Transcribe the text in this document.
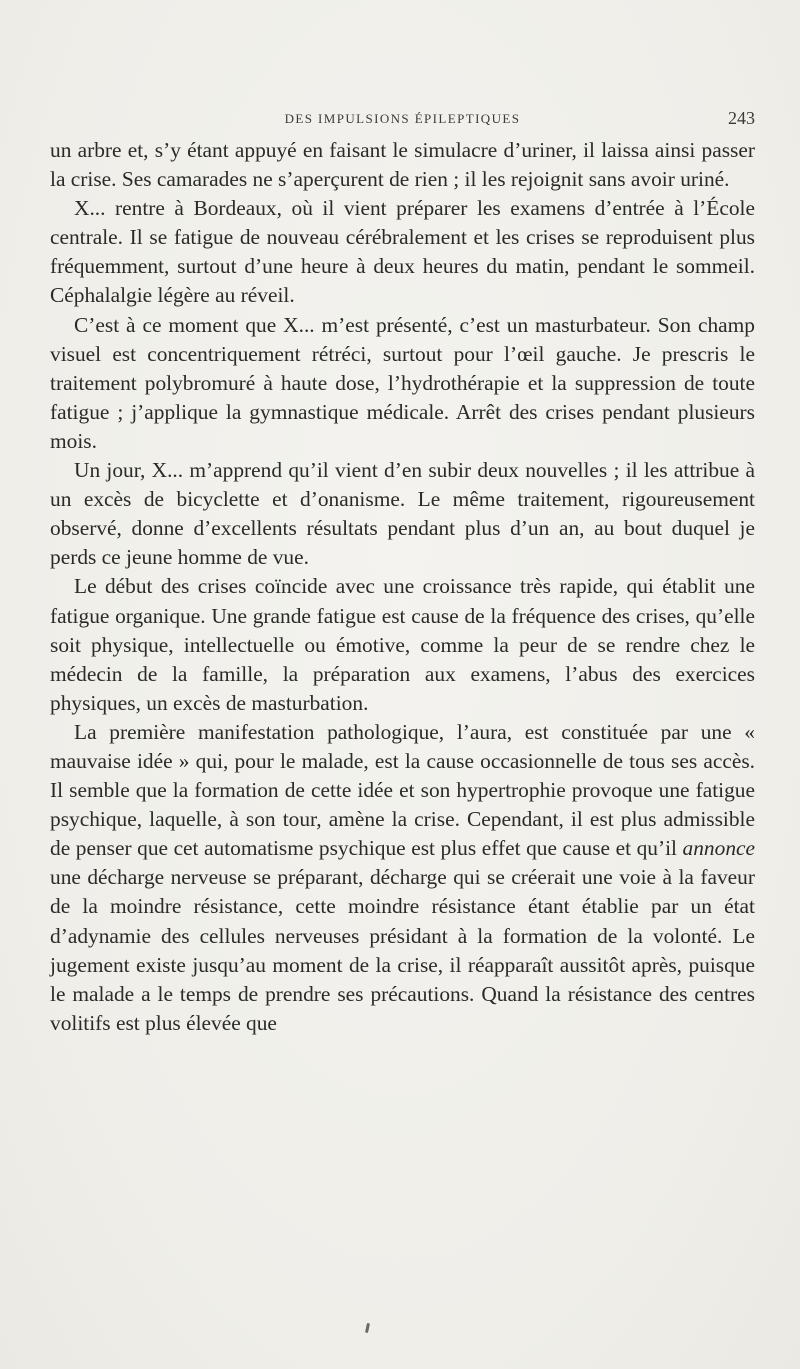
DES IMPULSIONS ÉPILEPTIQUES	243

un arbre et, s’y étant appuyé en faisant le simulacre d’uriner, il laissa ainsi passer la crise. Ses camarades ne s’aperçurent de rien ; il les rejoignit sans avoir uriné.

X... rentre à Bordeaux, où il vient préparer les examens d’entrée à l’École centrale. Il se fatigue de nouveau cérébralement et les crises se reproduisent plus fréquemment, surtout d’une heure à deux heures du matin, pendant le sommeil. Céphalalgie légère au réveil.

C’est à ce moment que X... m’est présenté, c’est un masturbateur. Son champ visuel est concentriquement rétréci, surtout pour l’œil gauche. Je prescris le traitement polybromuré à haute dose, l’hydrothérapie et la suppression de toute fatigue ; j’applique la gymnastique médicale. Arrêt des crises pendant plusieurs mois.

Un jour, X... m’apprend qu’il vient d’en subir deux nouvelles ; il les attribue à un excès de bicyclette et d’onanisme. Le même traitement, rigoureusement observé, donne d’excellents résultats pendant plus d’un an, au bout duquel je perds ce jeune homme de vue.

Le début des crises coïncide avec une croissance très rapide, qui établit une fatigue organique. Une grande fatigue est cause de la fréquence des crises, qu’elle soit physique, intellectuelle ou émotive, comme la peur de se rendre chez le médecin de la famille, la préparation aux examens, l’abus des exercices physiques, un excès de masturbation.

La première manifestation pathologique, l’aura, est constituée par une « mauvaise idée » qui, pour le malade, est la cause occasionnelle de tous ses accès. Il semble que la formation de cette idée et son hypertrophie provoque une fatigue psychique, laquelle, à son tour, amène la crise. Cependant, il est plus admissible de penser que cet automatisme psychique est plus effet que cause et qu’il annonce une décharge nerveuse se préparant, décharge qui se créerait une voie à la faveur de la moindre résistance, cette moindre résistance étant établie par un état d’adynamie des cellules nerveuses présidant à la formation de la volonté. Le jugement existe jusqu’au moment de la crise, il réapparaît aussitôt après, puisque le malade a le temps de prendre ses précautions. Quand la résistance des centres volitifs est plus élevée que
